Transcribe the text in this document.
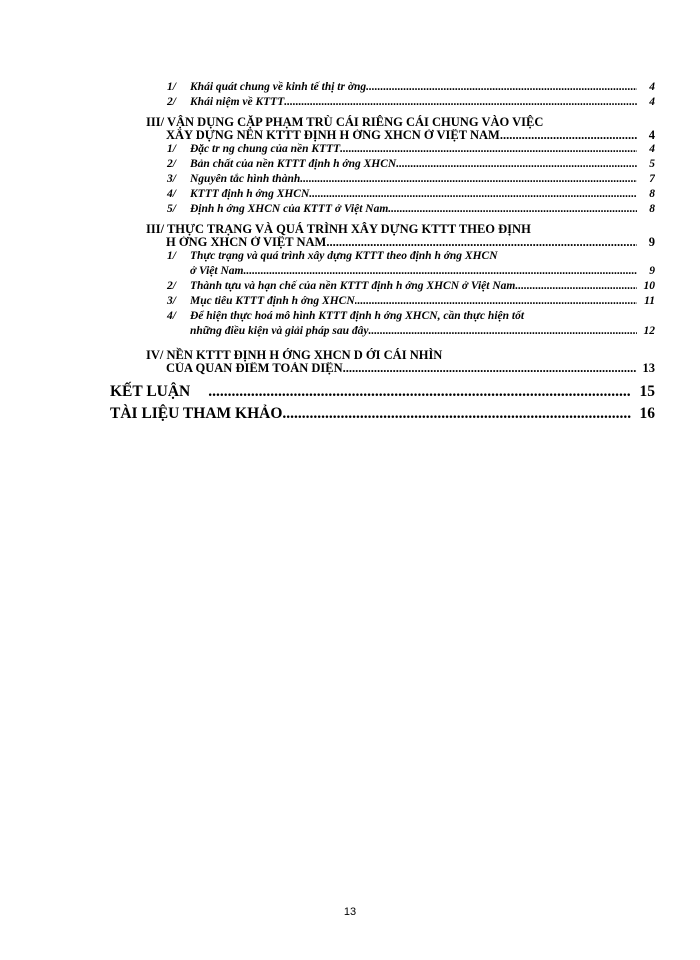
1/	Khái quát chung về kinh tế thị tr ờng .....	4
2/	Khái niệm về KTTT .....	4
III/ VẬN DỤNG CẶP PHẠM TRÙ CÁI RIÊNG CÁI CHUNG VÀO VIỆC
XÂY DỰNG NỀN KTTT ĐỊNH H ỚNG XHCN Ở VIỆT NAM .....	4
1/	Đặc tr ng chung của nền KTTT .....	4
2/	Bản chất của nền KTTT định h ớng XHCN .....	5
3/	Nguyên tắc hình thành .....	7
4/	KTTT định h ớng XHCN .....	8
5/	Định h ớng XHCN của KTTT ở Việt Nam .....	8
III/ THỰC TRẠNG VÀ QUÁ TRÌNH XÂY DỰNG KTTT THEO ĐỊNH
H ỚNG XHCN Ở VIỆT NAM .....	9
1/	Thực trạng và quá trình xây dựng KTTT theo định h ớng XHCN
ở Việt Nam. .....	9
2/	Thành tựu và hạn chế của nền KTTT định h ớng XHCN ở Việt Nam .....	10
3/	Mục tiêu KTTT định h ớng XHCN .....	11
4/	Để hiện thực hoá mô hình KTTT định h ớng XHCN, cần thực hiện tốt
những điều kiện và giải pháp sau đây .....	12
IV/ NỀN KTTT ĐỊNH H ỚNG XHCN D ỚI CÁI NHÌN
CỦA QUAN ĐIỂM TOÀN DIỆN .....	13
KẾT LUẬN .....	15
TÀI LIỆU THAM KHẢO .....	16
13
